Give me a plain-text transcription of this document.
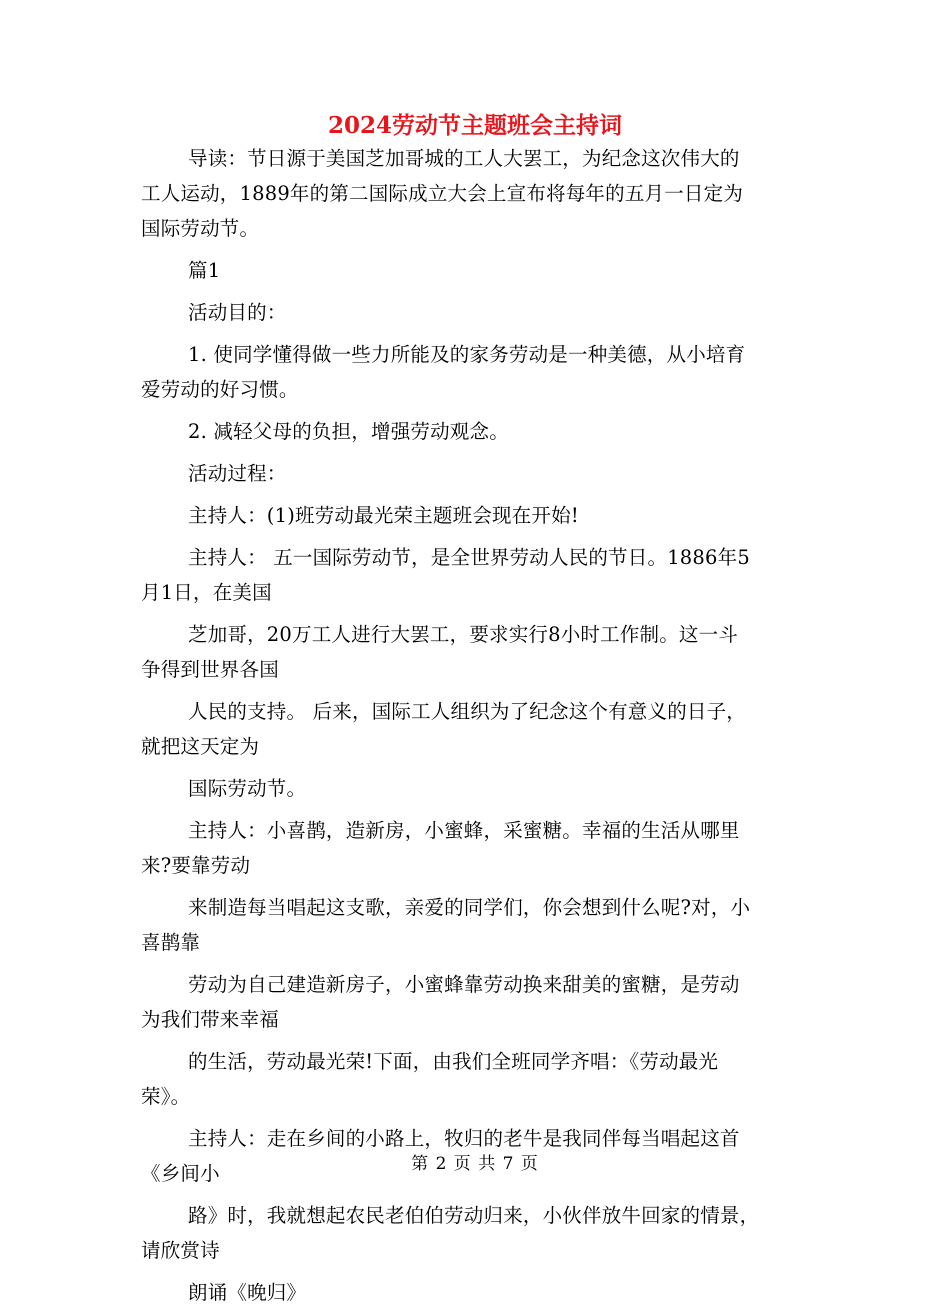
2024劳动节主题班会主持词

导读：节日源于美国芝加哥城的工人大罢工，为纪念这次伟大的

工人运动，1889年的第二国际成立大会上宣布将每年的五月一日定为

国际劳动节。

篇1

活动目的：

1. 使同学懂得做一些力所能及的家务劳动是一种美德，从小培育

爱劳动的好习惯。

2. 减轻父母的负担，增强劳动观念。

活动过程：

主持人：(1)班劳动最光荣主题班会现在开始!

主持人： 五一国际劳动节，是全世界劳动人民的节日。1886年5

月1日，在美国

芝加哥，20万工人进行大罢工，要求实行8小时工作制。这一斗

争得到世界各国

人民的支持。 后来，国际工人组织为了纪念这个有意义的日子，

就把这天定为

国际劳动节。

主持人：小喜鹊，造新房，小蜜蜂，采蜜糖。幸福的生活从哪里

来?要靠劳动

来制造每当唱起这支歌，亲爱的同学们，你会想到什么呢?对，小

喜鹊靠

劳动为自己建造新房子，小蜜蜂靠劳动换来甜美的蜜糖，是劳动

为我们带来幸福

的生活，劳动最光荣!下面，由我们全班同学齐唱：《劳动最光

荣》。

主持人：走在乡间的小路上，牧归的老牛是我同伴每当唱起这首

《乡间小

路》时，我就想起农民老伯伯劳动归来，小伙伴放牛回家的情景，

请欣赏诗

朗诵《晚归》

第 2 页 共 7 页
